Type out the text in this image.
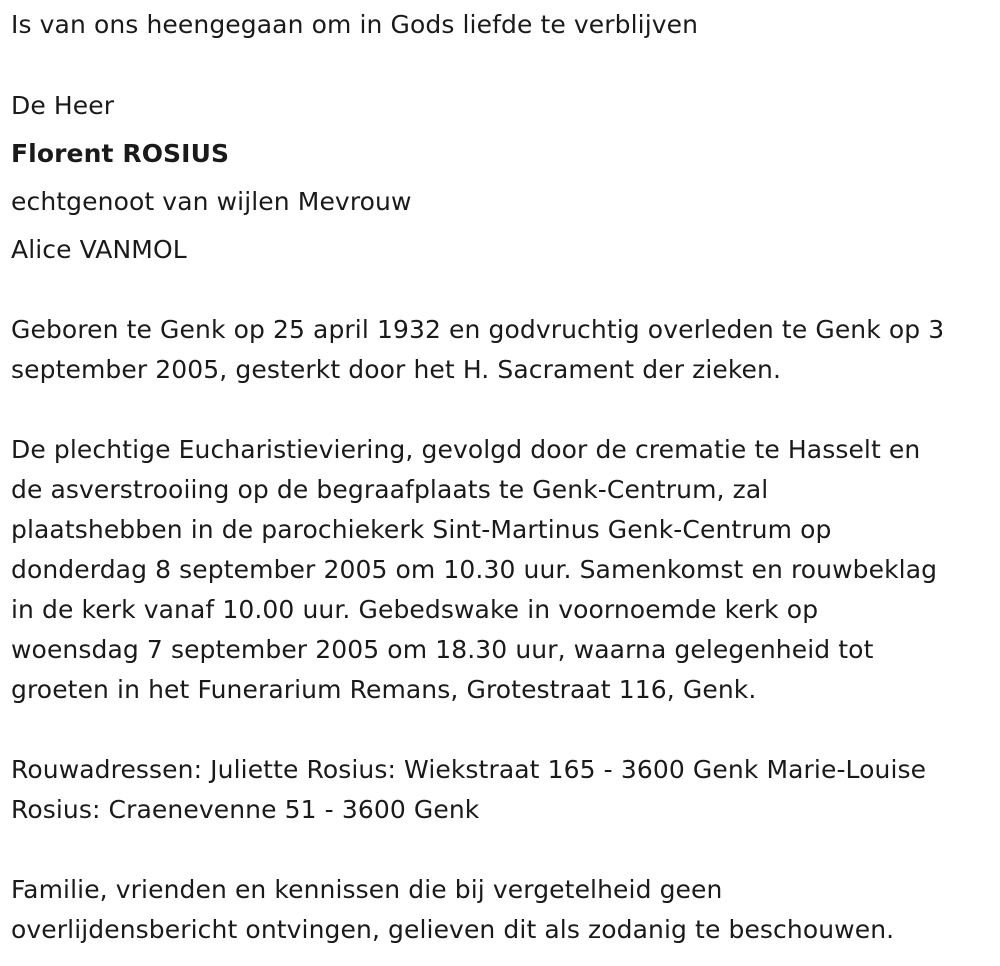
Is van ons heengegaan om in Gods liefde te verblijven
De Heer
Florent ROSIUS
echtgenoot van wijlen Mevrouw
Alice VANMOL
Geboren te Genk op 25 april 1932 en godvruchtig overleden te Genk op 3
september 2005, gesterkt door het H. Sacrament der zieken.
De plechtige Eucharistieviering, gevolgd door de crematie te Hasselt en
de asverstrooiing op de begraafplaats te Genk-Centrum, zal
plaatshebben in de parochiekerk Sint-Martinus Genk-Centrum op
donderdag 8 september 2005 om 10.30 uur. Samenkomst en rouwbeklag
in de kerk vanaf 10.00 uur. Gebedswake in voornoemde kerk op
woensdag 7 september 2005 om 18.30 uur, waarna gelegenheid tot
groeten in het Funerarium Remans, Grotestraat 116, Genk.
Rouwadressen: Juliette Rosius: Wiekstraat 165 - 3600 Genk Marie-Louise
Rosius: Craenevenne 51 - 3600 Genk
Familie, vrienden en kennissen die bij vergetelheid geen
overlijdensbericht ontvingen, gelieven dit als zodanig te beschouwen.
